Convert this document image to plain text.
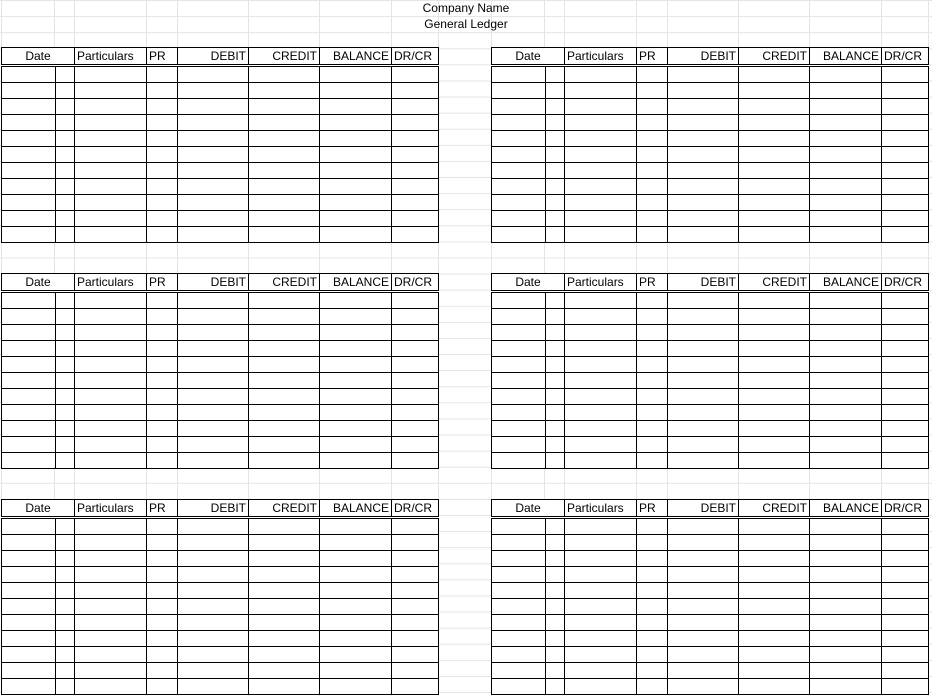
Company Name
General Ledger
Date		Particulars	PR	DEBIT	CREDIT	BALANCE	DR/CR

								Date		Particulars	PR	DEBIT	CREDIT	BALANCE	DR/CR

Date		Particulars	PR	DEBIT	CREDIT	BALANCE	DR/CR

								Date		Particulars	PR	DEBIT	CREDIT	BALANCE	DR/CR

Date		Particulars	PR	DEBIT	CREDIT	BALANCE	DR/CR

								Date		Particulars	PR	DEBIT	CREDIT	BALANCE	DR/CR
